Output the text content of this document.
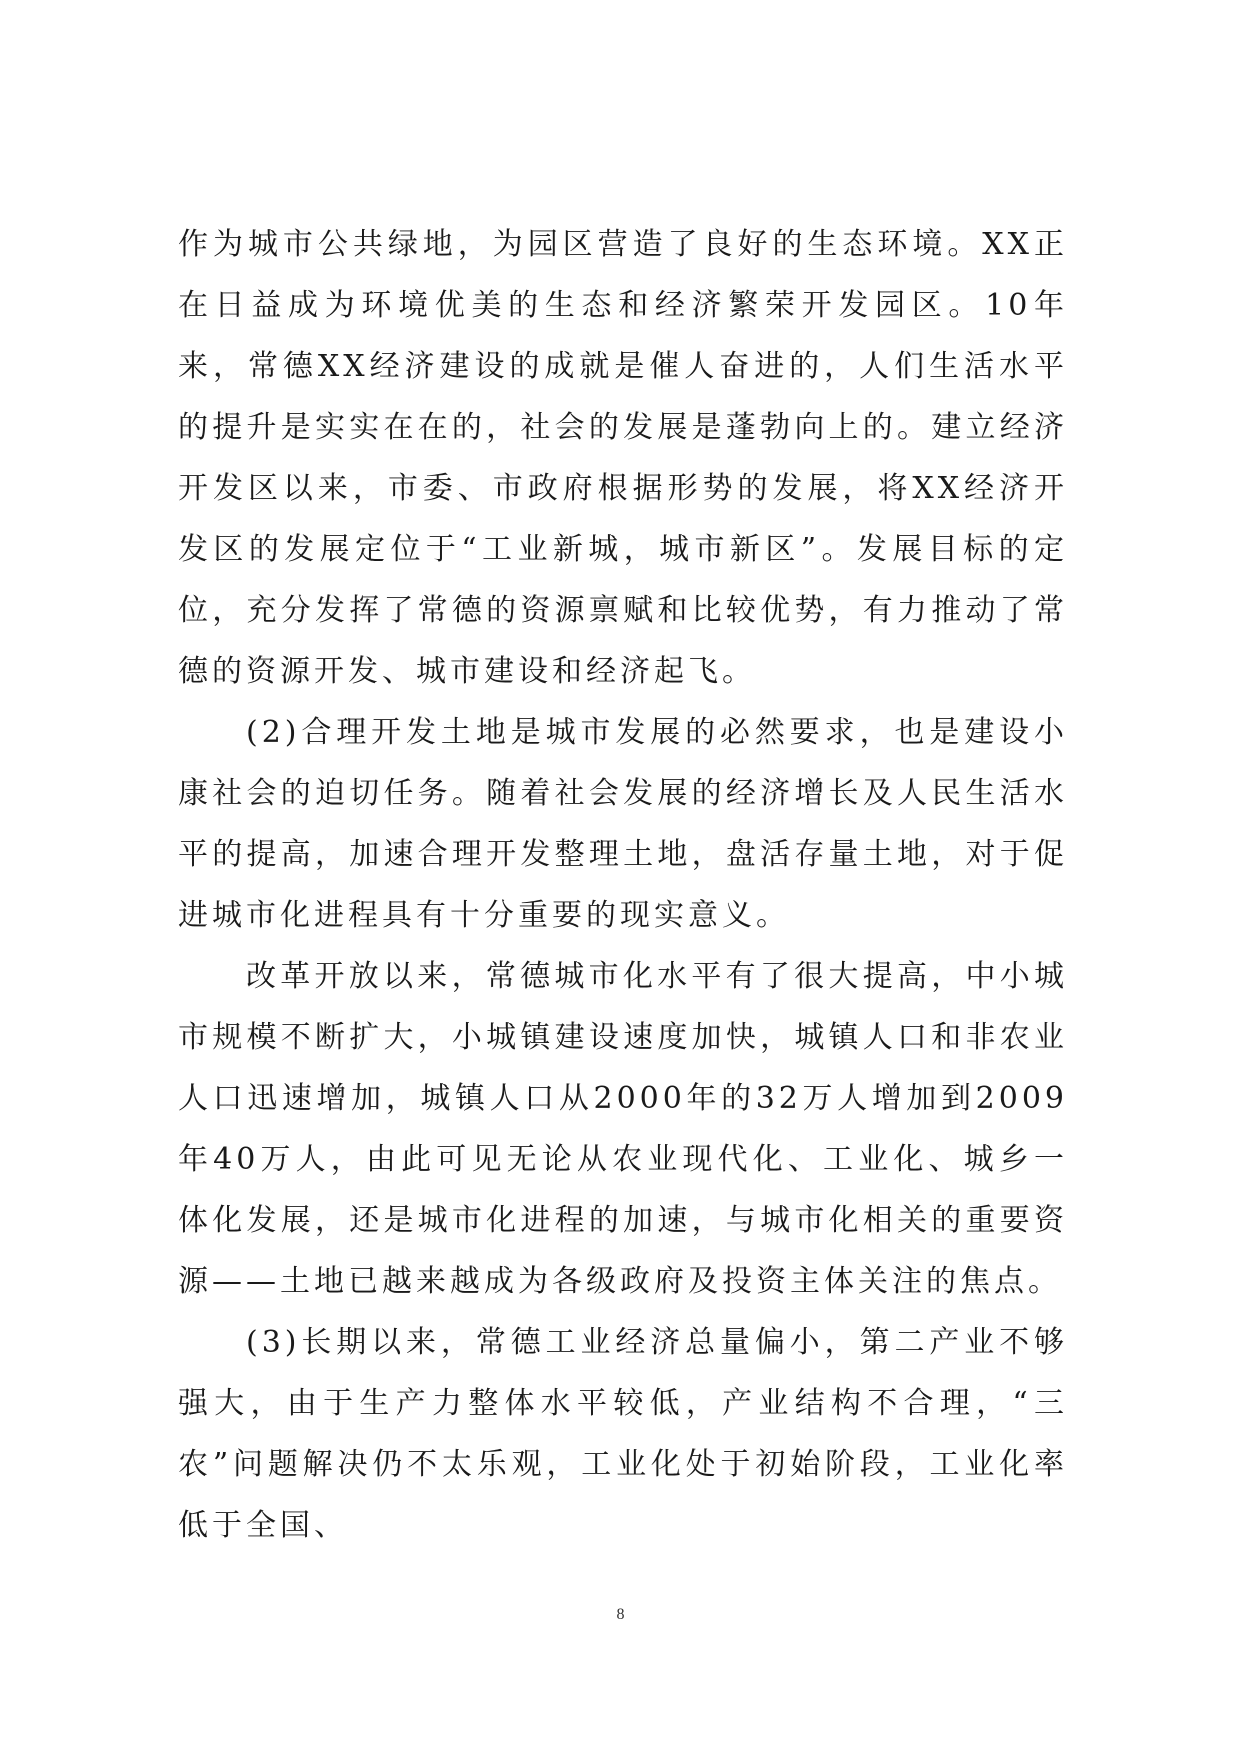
作为城市公共绿地，为园区营造了良好的生态环境。XX正在日益成为环境优美的生态和经济繁荣开发园区。10年来，常德XX经济建设的成就是催人奋进的，人们生活水平的提升是实实在在的，社会的发展是蓬勃向上的。建立经济开发区以来，市委、市政府根据形势的发展，将XX经济开发区的发展定位于“工业新城，城市新区”。发展目标的定位，充分发挥了常德的资源禀赋和比较优势，有力推动了常德的资源开发、城市建设和经济起飞。

(2)合理开发土地是城市发展的必然要求，也是建设小康社会的迫切任务。随着社会发展的经济增长及人民生活水平的提高，加速合理开发整理土地，盘活存量土地，对于促进城市化进程具有十分重要的现实意义。

改革开放以来，常德城市化水平有了很大提高，中小城市规模不断扩大，小城镇建设速度加快，城镇人口和非农业人口迅速增加，城镇人口从2000年的32万人增加到2009年40万人，由此可见无论从农业现代化、工业化、城乡一体化发展，还是城市化进程的加速，与城市化相关的重要资源——土地已越来越成为各级政府及投资主体关注的焦点。

(3)长期以来，常德工业经济总量偏小，第二产业不够强大，由于生产力整体水平较低，产业结构不合理，“三农”问题解决仍不太乐观，工业化处于初始阶段，工业化率低于全国、

8
